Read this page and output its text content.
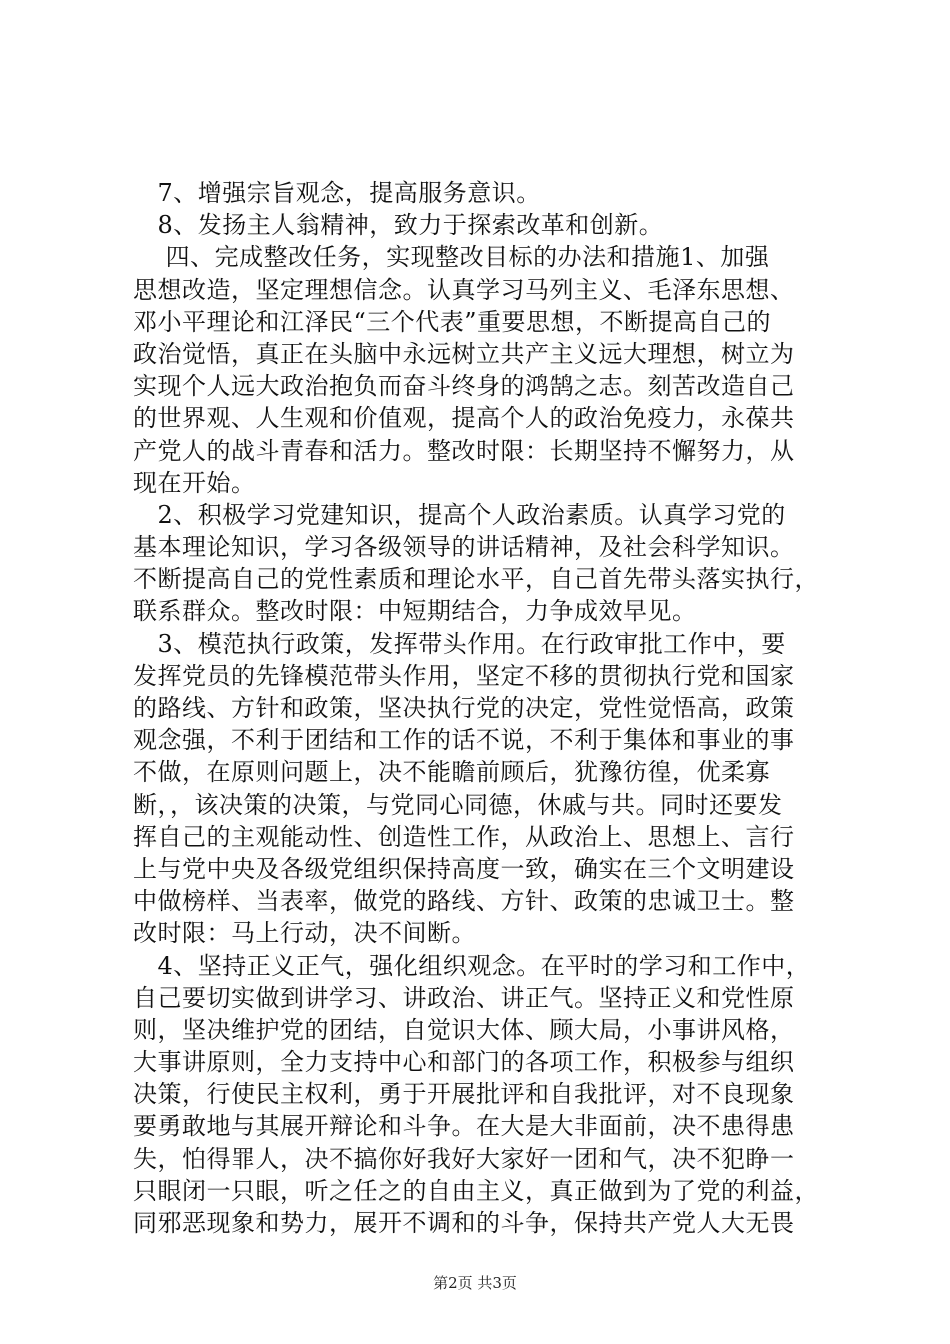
　7、增强宗旨观念，提高服务意识。
　8、发扬主人翁精神，致力于探索改革和创新。
　 四、完成整改任务，实现整改目标的办法和措施1、加强
思想改造，坚定理想信念。认真学习马列主义、毛泽东思想、
邓小平理论和江泽民“三个代表”重要思想，不断提高自己的
政治觉悟，真正在头脑中永远树立共产主义远大理想，树立为
实现个人远大政治抱负而奋斗终身的鸿鹄之志。刻苦改造自己
的世界观、人生观和价值观，提高个人的政治免疫力，永葆共
产党人的战斗青春和活力。整改时限：长期坚持不懈努力，从
现在开始。
　2、积极学习党建知识，提高个人政治素质。认真学习党的
基本理论知识，学习各级领导的讲话精神，及社会科学知识。
不断提高自己的党性素质和理论水平，自己首先带头落实执行，
联系群众。整改时限：中短期结合，力争成效早见。
　3、模范执行政策，发挥带头作用。在行政审批工作中，要
发挥党员的先锋模范带头作用，坚定不移的贯彻执行党和国家
的路线、方针和政策，坚决执行党的决定，党性觉悟高，政策
观念强，不利于团结和工作的话不说，不利于集体和事业的事
不做，在原则问题上，决不能瞻前顾后，犹豫彷徨，优柔寡
断，，该决策的决策，与党同心同德，休戚与共。同时还要发
挥自己的主观能动性、创造性工作，从政治上、思想上、言行
上与党中央及各级党组织保持高度一致，确实在三个文明建设
中做榜样、当表率，做党的路线、方针、政策的忠诚卫士。整
改时限：马上行动，决不间断。
　4、坚持正义正气，强化组织观念。在平时的学习和工作中，
自己要切实做到讲学习、讲政治、讲正气。坚持正义和党性原
则，坚决维护党的团结，自觉识大体、顾大局，小事讲风格，
大事讲原则，全力支持中心和部门的各项工作，积极参与组织
决策，行使民主权利，勇于开展批评和自我批评，对不良现象
要勇敢地与其展开辩论和斗争。在大是大非面前，决不患得患
失，怕得罪人，决不搞你好我好大家好一团和气，决不犯睁一
只眼闭一只眼，听之任之的自由主义，真正做到为了党的利益，
同邪恶现象和势力，展开不调和的斗争，保持共产党人大无畏
第2页 共3页
